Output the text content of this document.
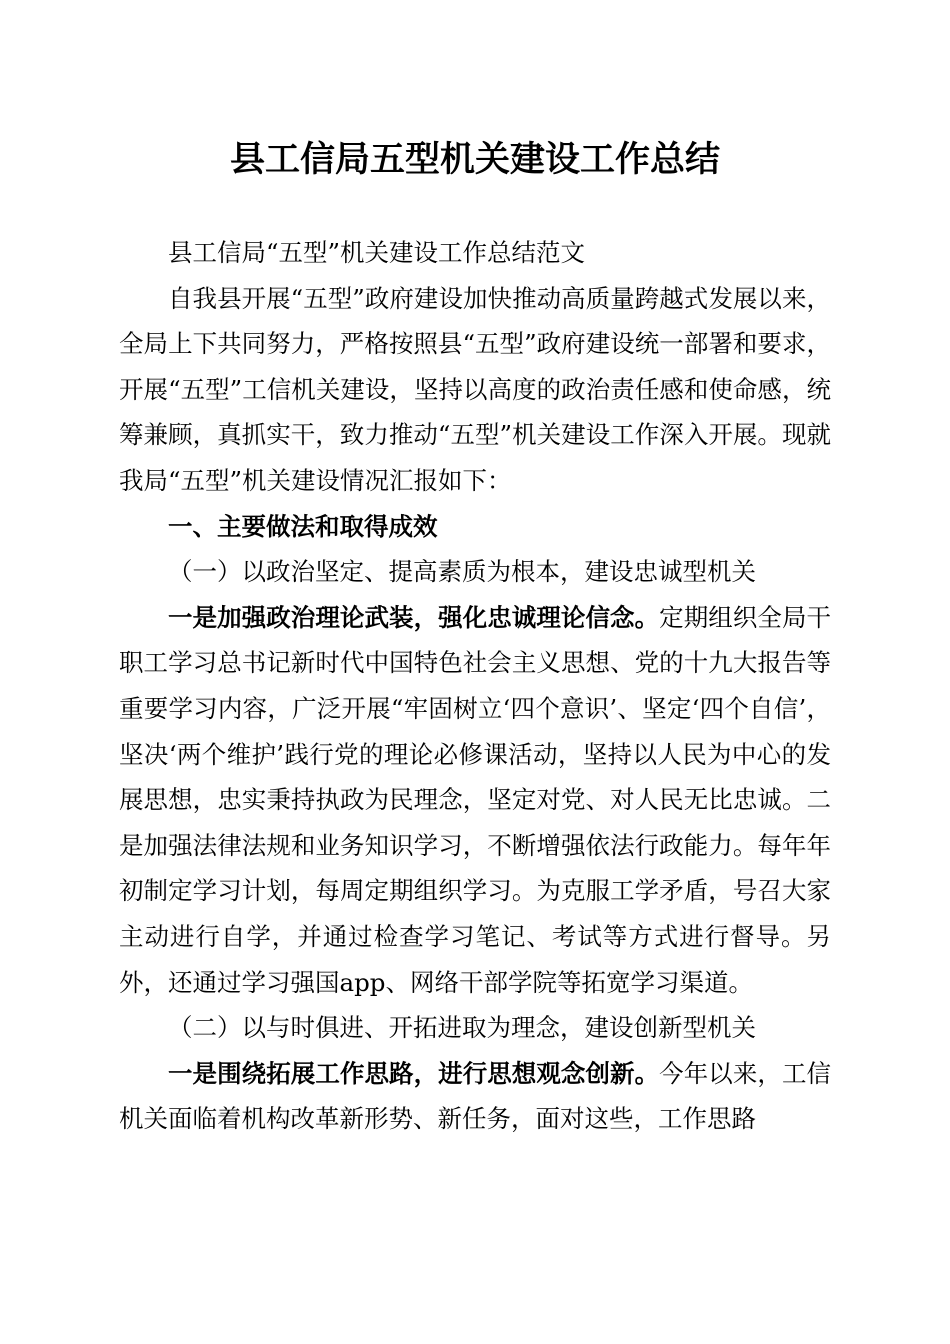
县工信局五型机关建设工作总结

县工信局“五型”机关建设工作总结范文

自我县开展“五型”政府建设加快推动高质量跨越式发展以来，全局上下共同努力，严格按照县“五型”政府建设统一部署和要求，开展“五型”工信机关建设，坚持以高度的政治责任感和使命感，统筹兼顾，真抓实干，致力推动“五型”机关建设工作深入开展。现就我局“五型”机关建设情况汇报如下：

一、主要做法和取得成效

（一）以政治坚定、提高素质为根本，建设忠诚型机关

一是加强政治理论武装，强化忠诚理论信念。定期组织全局干职工学习总书记新时代中国特色社会主义思想、党的十九大报告等重要学习内容，广泛开展“牢固树立‘四个意识’、坚定‘四个自信’，坚决‘两个维护’践行党的理论必修课活动，坚持以人民为中心的发展思想，忠实秉持执政为民理念，坚定对党、对人民无比忠诚。二是加强法律法规和业务知识学习，不断增强依法行政能力。每年年初制定学习计划，每周定期组织学习。为克服工学矛盾，号召大家主动进行自学，并通过检查学习笔记、考试等方式进行督导。另外，还通过学习强国app、网络干部学院等拓宽学习渠道。

（二）以与时俱进、开拓进取为理念，建设创新型机关

一是围绕拓展工作思路，进行思想观念创新。今年以来，工信机关面临着机构改革新形势、新任务，面对这些，工作思路
